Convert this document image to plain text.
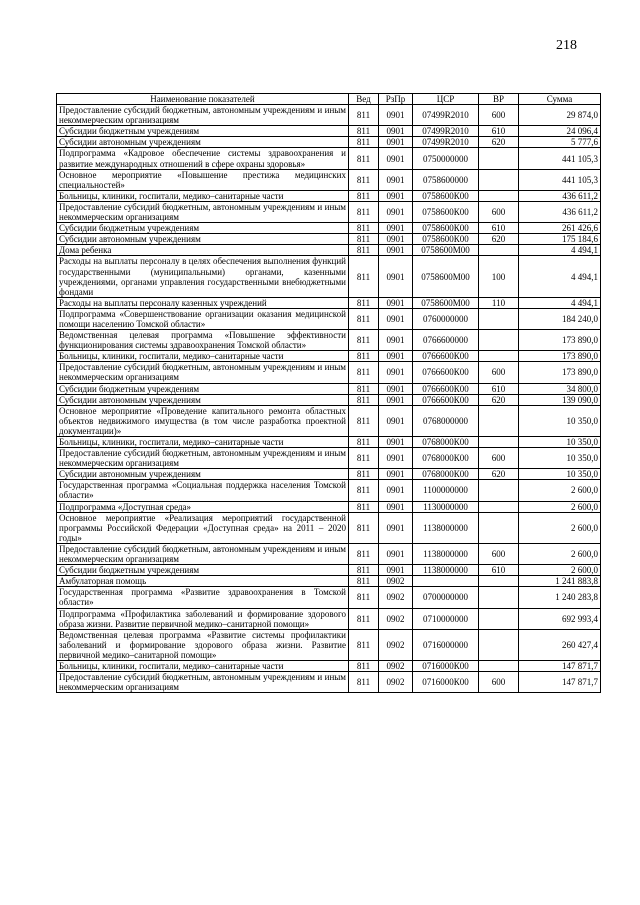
218
Наименование показателей	Вед	РзПр	ЦСР	ВР	Сумма
Предоставление субсидий бюджетным, автономным учреждениям и иным некоммерческим организациям	811	0901	07499R2010	600	29 874,0
Субсидии бюджетным учреждениям	811	0901	07499R2010	610	24 096,4
Субсидии автономным учреждениям	811	0901	07499R2010	620	5 777,6
Подпрограмма «Кадровое обеспечение системы здравоохранения и развитие международных отношений в сфере охраны здоровья»	811	0901	0750000000		441 105,3
Основное мероприятие «Повышение престижа медицинских специальностей»	811	0901	0758600000		441 105,3
Больницы, клиники, госпитали, медико–санитарные части	811	0901	0758600К00		436 611,2
Предоставление субсидий бюджетным, автономным учреждениям и иным некоммерческим организациям	811	0901	0758600К00	600	436 611,2
Субсидии бюджетным учреждениям	811	0901	0758600К00	610	261 426,6
Субсидии автономным учреждениям	811	0901	0758600К00	620	175 184,6
Дома ребенка	811	0901	0758600М00		4 494,1
Расходы на выплаты персоналу в целях обеспечения выполнения функций государственными (муниципальными) органами, казенными учреждениями, органами управления государственными внебюджетными фондами	811	0901	0758600М00	100	4 494,1
Расходы на выплаты персоналу казенных учреждений	811	0901	0758600М00	110	4 494,1
Подпрограмма «Совершенствование организации оказания медицинской помощи населению Томской области»	811	0901	0760000000		184 240,0
Ведомственная целевая программа «Повышение эффективности функционирования системы здравоохранения Томской области»	811	0901	0766600000		173 890,0
Больницы, клиники, госпитали, медико–санитарные части	811	0901	0766600К00		173 890,0
Предоставление субсидий бюджетным, автономным учреждениям и иным некоммерческим организациям	811	0901	0766600К00	600	173 890,0
Субсидии бюджетным учреждениям	811	0901	0766600К00	610	34 800,0
Субсидии автономным учреждениям	811	0901	0766600К00	620	139 090,0
Основное мероприятие «Проведение капитального ремонта областных объектов недвижимого имущества (в том числе разработка проектной документации)»	811	0901	0768000000		10 350,0
Больницы, клиники, госпитали, медико–санитарные части	811	0901	0768000К00		10 350,0
Предоставление субсидий бюджетным, автономным учреждениям и иным некоммерческим организациям	811	0901	0768000К00	600	10 350,0
Субсидии автономным учреждениям	811	0901	0768000К00	620	10 350,0
Государственная программа «Социальная поддержка населения Томской области»	811	0901	1100000000		2 600,0
Подпрограмма «Доступная среда»	811	0901	1130000000		2 600,0
Основное мероприятие «Реализация мероприятий государственной программы Российской Федерации «Доступная среда» на 2011 – 2020 годы»	811	0901	1138000000		2 600,0
Предоставление субсидий бюджетным, автономным учреждениям и иным некоммерческим организациям	811	0901	1138000000	600	2 600,0
Субсидии бюджетным учреждениям	811	0901	1138000000	610	2 600,0
Амбулаторная помощь	811	0902			1 241 883,8
Государственная программа «Развитие здравоохранения в Томской области»	811	0902	0700000000		1 240 283,8
Подпрограмма «Профилактика заболеваний и формирование здорового образа жизни. Развитие первичной медико–санитарной помощи»	811	0902	0710000000		692 993,4
Ведомственная целевая программа «Развитие системы профилактики заболеваний и формирование здорового образа жизни. Развитие первичной медико–санитарной помощи»	811	0902	0716000000		260 427,4
Больницы, клиники, госпитали, медико–санитарные части	811	0902	0716000К00		147 871,7
Предоставление субсидий бюджетным, автономным учреждениям и иным некоммерческим организациям	811	0902	0716000К00	600	147 871,7
